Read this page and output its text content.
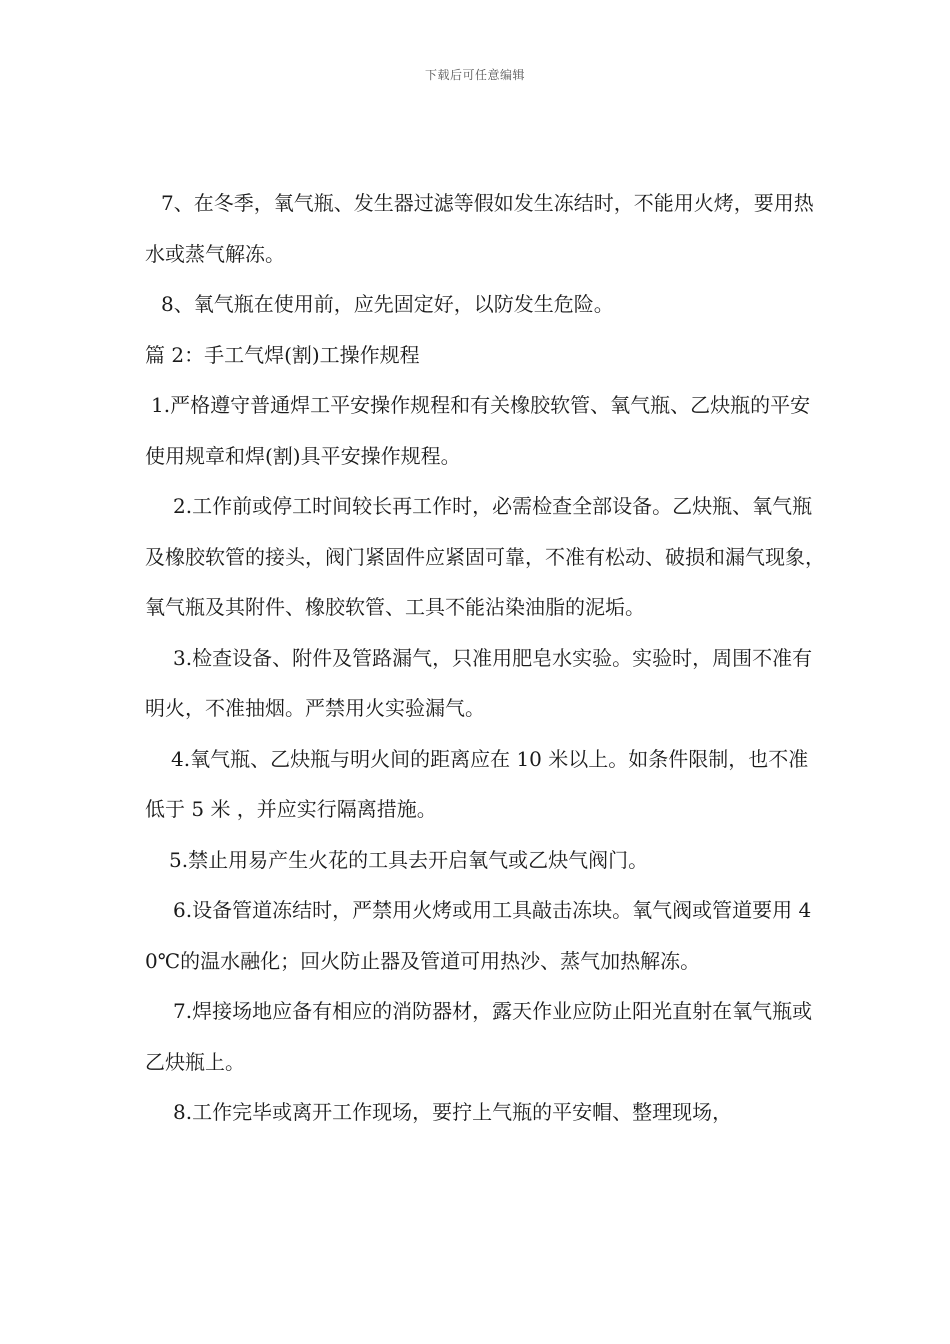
下载后可任意编辑

7、在冬季，氧气瓶、发生器过滤等假如发生冻结时，不能用火烤，要用热水或蒸气解冻。

8、氧气瓶在使用前，应先固定好，以防发生危险。

篇 2：手工气焊(割)工操作规程

1.严格遵守普通焊工平安操作规程和有关橡胶软管、氧气瓶、乙炔瓶的平安使用规章和焊(割)具平安操作规程。

2.工作前或停工时间较长再工作时，必需检查全部设备。乙炔瓶、氧气瓶及橡胶软管的接头，阀门紧固件应紧固可靠，不准有松动、破损和漏气现象，氧气瓶及其附件、橡胶软管、工具不能沾染油脂的泥垢。

3.检查设备、附件及管路漏气，只准用肥皂水实验。实验时，周围不准有明火，不准抽烟。严禁用火实验漏气。

4.氧气瓶、乙炔瓶与明火间的距离应在 10 米以上。如条件限制，也不准低于 5 米 ，并应实行隔离措施。

5.禁止用易产生火花的工具去开启氧气或乙炔气阀门。

6.设备管道冻结时，严禁用火烤或用工具敲击冻块。氧气阀或管道要用 40℃的温水融化；回火防止器及管道可用热沙、蒸气加热解冻。

7.焊接场地应备有相应的消防器材，露天作业应防止阳光直射在氧气瓶或乙炔瓶上。

8.工作完毕或离开工作现场，要拧上气瓶的平安帽、整理现场，
